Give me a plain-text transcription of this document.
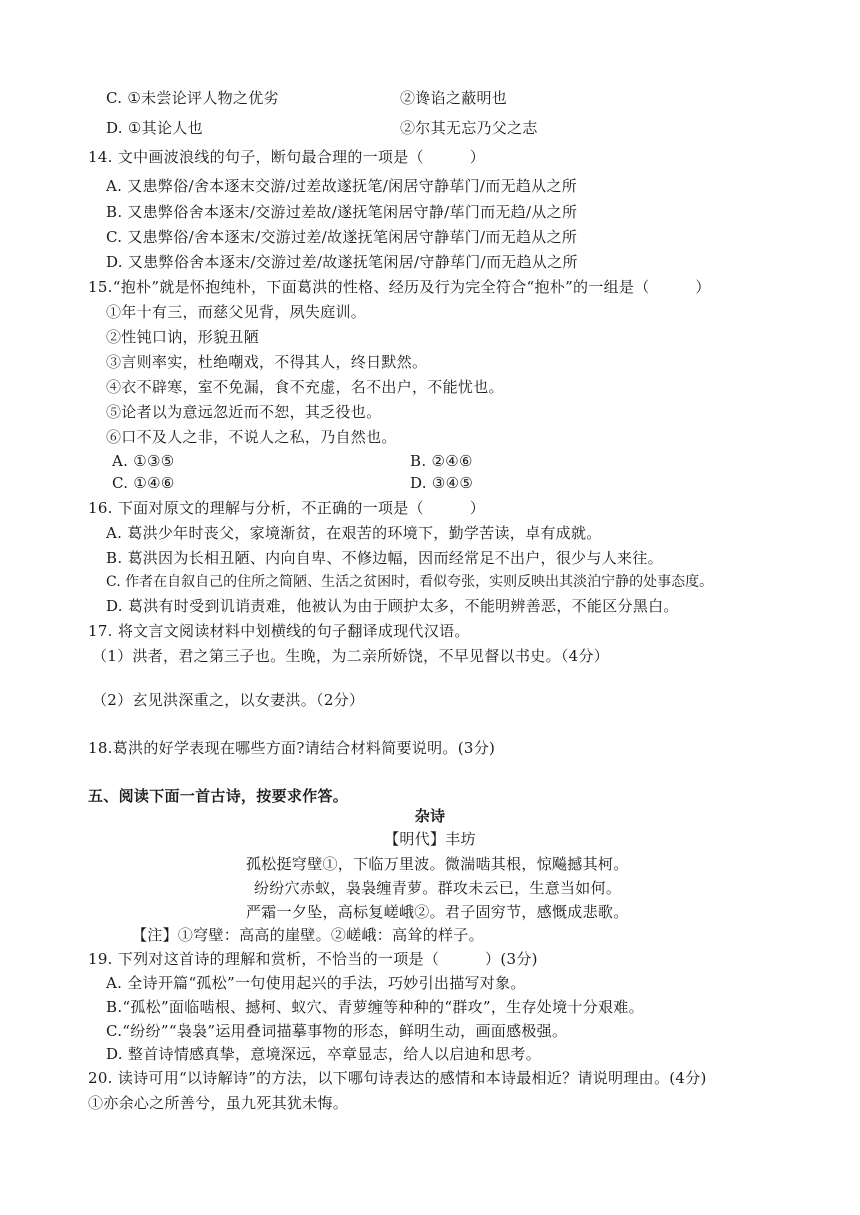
C. ①未尝论评人物之优劣	②谗谄之蔽明也
D. ①其论人也	②尔其无忘乃父之志
14. 文中画波浪线的句子，断句最合理的一项是（　　　）
A. 又患弊俗/舍本逐末交游/过差故遂抚笔/闲居守静荜门/而无趋从之所
B. 又患弊俗舍本逐末/交游过差故/遂抚笔闲居守静/荜门而无趋/从之所
C. 又患弊俗/舍本逐末/交游过差/故遂抚笔闲居守静荜门/而无趋从之所
D. 又患弊俗舍本逐末/交游过差/故遂抚笔闲居/守静荜门/而无趋从之所
15.“抱朴”就是怀抱纯朴，下面葛洪的性格、经历及行为完全符合“抱朴”的一组是（　　　）
①年十有三，而慈父见背，夙失庭训。
②性钝口讷，形貌丑陋
③言则率实，杜绝嘲戏，不得其人，终日默然。
④衣不辟寒，室不免漏，食不充虚，名不出户，不能忧也。
⑤论者以为意远忽近而不恕，其乏役也。
⑥口不及人之非，不说人之私，乃自然也。
A. ①③⑤	B. ②④⑥
C. ①④⑥	D. ③④⑤
16. 下面对原文的理解与分析，不正确的一项是（　　　）
A. 葛洪少年时丧父，家境渐贫，在艰苦的环境下，勤学苦读，卓有成就。
B. 葛洪因为长相丑陋、内向自卑、不修边幅，因而经常足不出户，很少与人来往。
C. 作者在自叙自己的住所之简陋、生活之贫困时，看似夸张，实则反映出其淡泊宁静的处事态度。
D. 葛洪有时受到讥诮责难，他被认为由于顾护太多，不能明辨善恶，不能区分黑白。
17. 将文言文阅读材料中划横线的句子翻译成现代汉语。
（1）洪者，君之第三子也。生晚，为二亲所娇饶，不早见督以书史。（4分）
（2）玄见洪深重之，以女妻洪。（2分）
18.葛洪的好学表现在哪些方面?请结合材料简要说明。(3分)
五、阅读下面一首古诗，按要求作答。
杂诗
【明代】丰坊
孤松挺穹壁①，下临万里波。微湍啮其根，惊飚撼其柯。
纷纷穴赤蚁，袅袅缠青萝。群攻未云已，生意当如何。
严霜一夕坠，高标复嵯峨②。君子固穷节，感慨成悲歌。
【注】①穹壁：高高的崖壁。②嵯峨：高耸的样子。
19. 下列对这首诗的理解和赏析，不恰当的一项是（　　　）(3分)
A. 全诗开篇“孤松”一句使用起兴的手法，巧妙引出描写对象。
B.“孤松”面临啮根、撼柯、蚁穴、青萝缠等种种的“群攻”，生存处境十分艰难。
C.“纷纷”“袅袅”运用叠词描摹事物的形态，鲜明生动，画面感极强。
D. 整首诗情感真挚，意境深远，卒章显志，给人以启迪和思考。
20. 读诗可用“以诗解诗”的方法，以下哪句诗表达的感情和本诗最相近？请说明理由。(4分)
①亦余心之所善兮，虽九死其犹未悔。
